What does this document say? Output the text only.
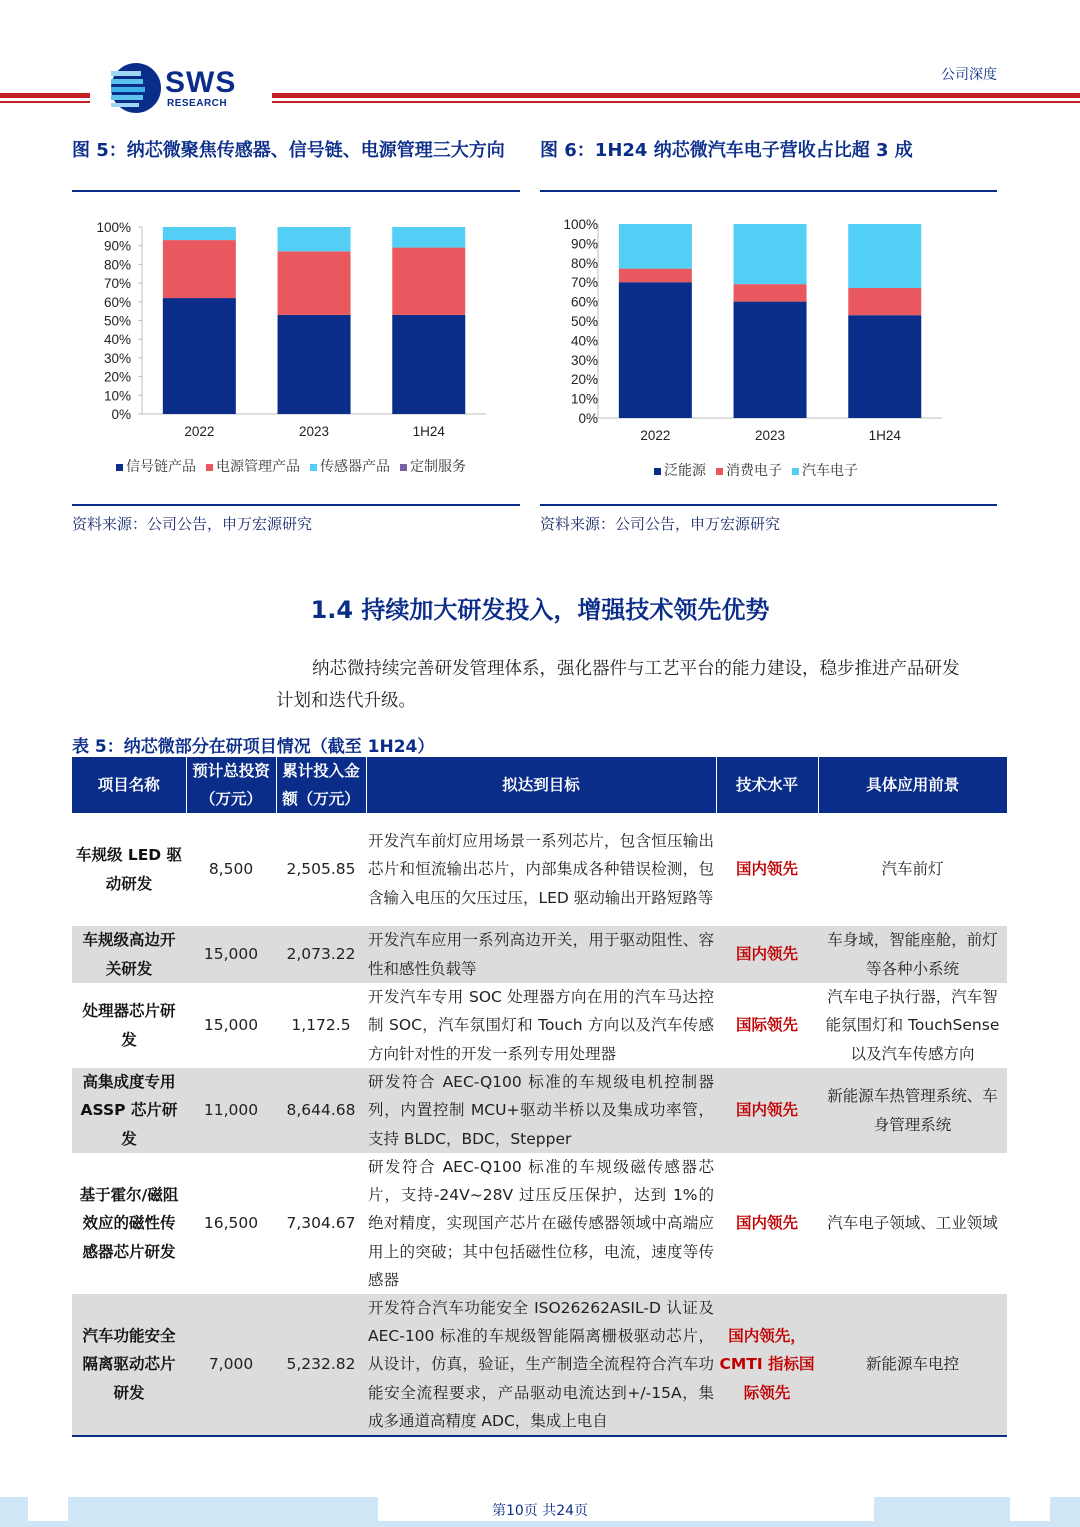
SWS
RESEARCH
公司深度
图 5：纳芯微聚焦传感器、信号链、电源管理三大方向
0%
10%
20%
30%
40%
50%
60%
70%
80%
90%
100%
2022	2023	1H24
信号链产品	电源管理产品	传感器产品	定制服务
资料来源：公司公告，申万宏源研究
图 6：1H24 纳芯微汽车电子营收占比超 3 成
0%
10%
20%
30%
40%
50%
60%
70%
80%
90%
100%
2022	2023	1H24
泛能源	消费电子	汽车电子
资料来源：公司公告，申万宏源研究
1.4 持续加大研发投入，增强技术领先优势
纳芯微持续完善研发管理体系，强化器件与工艺平台的能力建设，稳步推进产品研发
计划和迭代升级。
表 5：纳芯微部分在研项目情况（截至 1H24）
项目名称	预计总投资（万元）	累计投入金额（万元）	拟达到目标	技术水平	具体应用前景
车规级 LED 驱动研发	8,500	2,505.85	开发汽车前灯应用场景一系列芯片，包含恒压输出芯片和恒流输出芯片，内部集成各种错误检测，包含输入电压的欠压过压，LED 驱动输出开路短路等	国内领先	汽车前灯
车规级高边开关研发	15,000	2,073.22	开发汽车应用一系列高边开关，用于驱动阻性、容性和感性负载等	国内领先	车身域，智能座舱，前灯等各种小系统
处理器芯片研发	15,000	1,172.5	开发汽车专用 SOC 处理器方向在用的汽车马达控制 SOC，汽车氛围灯和 Touch 方向以及汽车传感方向针对性的开发一系列专用处理器	国际领先	汽车电子执行器，汽车智能氛围灯和 TouchSense 以及汽车传感方向
高集成度专用 ASSP 芯片研发	11,000	8,644.68	研发符合 AEC-Q100 标准的车规级电机控制器列，内置控制 MCU+驱动半桥以及集成功率管，支持 BLDC，BDC，Stepper	国内领先	新能源车热管理系统、车身管理系统
基于霍尔/磁阻效应的磁性传感器芯片研发	16,500	7,304.67	研发符合 AEC-Q100 标准的车规级磁传感器芯片，支持-24V~28V 过压反压保护，达到 1%的绝对精度，实现国产芯片在磁传感器领域中高端应用上的突破；其中包括磁性位移，电流，速度等传感器	国内领先	汽车电子领域、工业领域
汽车功能安全隔离驱动芯片研发	7,000	5,232.82	开发符合汽车功能安全 ISO26262ASIL-D 认证及 AEC-100 标准的车规级智能隔离栅极驱动芯片，从设计，仿真，验证，生产制造全流程符合汽车功能安全流程要求，产品驱动电流达到+/-15A，集成多通道高精度 ADC，集成上电自	国内领先，CMTI 指标国际领先	新能源车电控
第10页 共24页
